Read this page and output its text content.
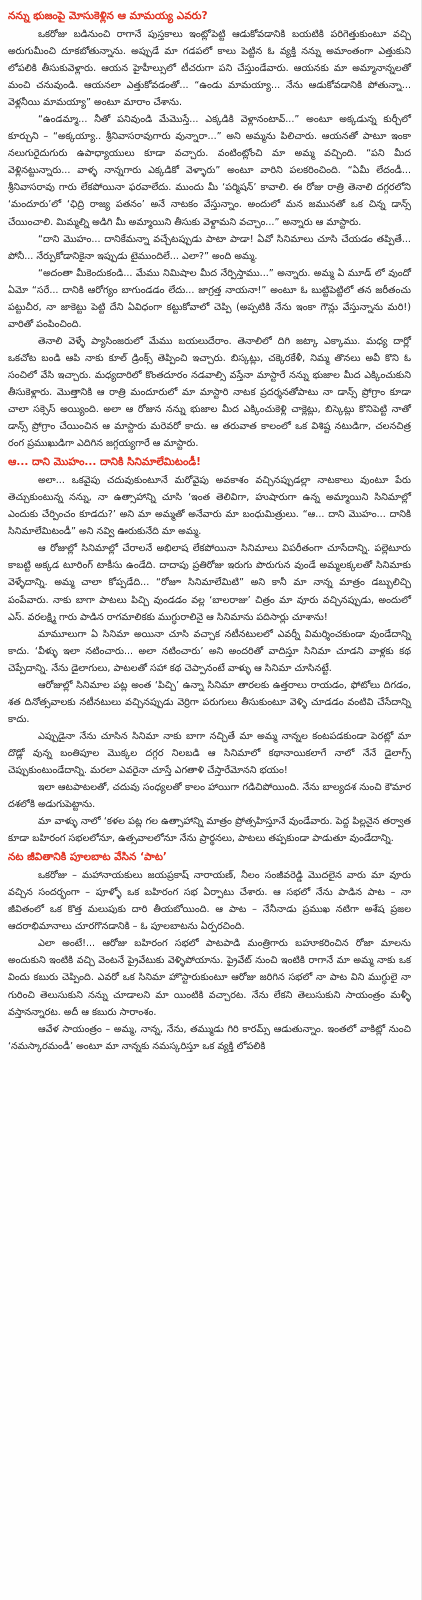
నన్ను భుజంపై మోసుకెళ్లిన ఆ మామయ్య ఎవరు?

ఒకరోజు బడినుంచి రాగానే పుస్తకాలు ఇంట్లోపెట్టి ఆడుకోవడానికి బయటికి పరిగెత్తుకుంటూ వచ్చి అరుగుమీంచి దూకబోతున్నాను. అప్పుడే మా గడపలో కాలు పెట్టిన ఓ వ్యక్తి నన్ను అమాంతంగా ఎత్తుకుని లోపలికి తీసుకువెళ్లారు. ఆయన హైహీల్సులో టీచరుగా పని చేస్తుండేవారు. ఆయనకు మా అమ్మానాన్నలతో మంచి చనువుండి. ఆయనలా ఎత్తుకోవడంతో... “ఉండు మామయ్యా... నేను ఆడుకోవడానికి పోతున్నా... వెళ్లనీయి మామయ్యా” అంటూ మారాం చేశాను.

“ఉండమ్మా... నీతో పనివుండి మేమొస్తే... ఎక్కడికి వెళ్లానంటావ్...” అంటూ అక్కడున్న కుర్చీలో కూర్చుని – “అక్కయ్యా.. శ్రీనివాసరావుగారు వున్నారా...” అని అమ్మను పిలిచారు. ఆయనతో పాటూ ఇంకా నలుగురైదుగురు ఉపాధ్యాయులు కూడా వచ్చారు. వంటింట్లోంచి మా అమ్మ వచ్చింది. “పని మీద వెళ్లినట్టున్నారు... వాళ్ళ నాన్నగారు ఎక్కడికో వెళ్ళారు” అంటూ వారిని పలకరించింది. “ఏమీ లేదండీ... శ్రీనివాసరావు గారు లేకపోయినా ఫరవాలేదు. ముందు మీ ‘పర్మిషన్’ కావాలి. ఈ రోజు రాత్రి తెనాలి దగ్గరలోని ‘మందూరు’లో ‘ఛిద్రి రాజ్య పతనం’ అనే నాటకం వేస్తున్నాం. అందులో మన జమునతో ఒక చిన్న డాన్స్ చేయించాలి. మిమ్మల్ని అడిగి మీ అమ్మాయిని తీసుకు వెళ్దామని వచ్చాం...” అన్నారు ఆ మాస్టారు.

“దాని మొహం... దానికేమన్నా వచ్చేటప్పుడు పాటా పాడా! ఏవో సినిమాలు చూసి చేయడం తప్పితే... పోనీ... నేర్పుకోడానికైనా ఇప్పుడు టైముందిలే... ఎలా?” అంది అమ్మ.

“అదంతా మీకెందుకండి... మేము నిమిషాల మీద నేర్పిస్తాము...” అన్నారు. అమ్మ ఏ మూడ్ లో వుందో ఏమో “సరే... దానికి ఆరోగ్యం బాగుండడం లేదు... జాగ్రత్త నాయనా!” అంటూ ఓ బుట్టిపెట్టిలో తన జరీతంచు పట్టుచీర, నా జాకెట్టు పెట్టి దేని ఏవిధంగా కట్టుకోవాలో చెప్పి (అప్పటికి నేను ఇంకా గౌన్లు వేస్తున్నాను మరి!) వారితో పంపించింది.

తెనాలి వెళ్ళే ప్యాసింజరులో మేము బయలుదేరాం. తెనాలిలో దిగి జట్కా ఎక్కాము. మధ్య దార్లో ఒకచోట బండి ఆపి నాకు కూల్ డ్రింక్స్ తెప్పించి ఇచ్చారు. బిస్కట్లు, చక్కెరకేళీ, నిమ్మ తొనలు అవీ కొని ఓ సంచిలో వేసి ఇచ్చారు. మధ్యదారిలో కొంతదూరం నడవాల్సి వస్తేనా మాస్టారే నన్ను భుజాల మీద ఎక్కించుకుని తీసుకెళ్లారు. మొత్తానికి ఆ రాత్రి మందూరులో మా మాస్టారి నాటక ప్రదర్శనతోపాటు నా డాన్స్ ప్రోగ్రాం కూడా చాలా సక్సెస్ అయ్యింది. అలా ఆ రోజున నన్ను భుజాల మీద ఎక్కించుకెళ్లి చాక్లెట్లు, బిస్కెట్లు కొనిపెట్టి నాతో డాన్స్ ప్రోగ్రాం చేయించిన ఆ మాస్టారు మరెవరో కాదు. ఆ తరువాత కాలంలో ఒక విశిష్ట నటుడిగా, చలనచిత్ర రంగ ప్రముఖుడిగా ఎదిగిన జగ్గయ్యగారే ఆ మాస్టారు.

ఆ... దాని మొహం... దానికి సినిమాలేమిటండీ!

అలా... ఒకవైపు చదువుకుంటూనే మరోవైపు అవకాశం వచ్చినప్పుడల్లా నాటకాలు వుంటూ పేరు తెచ్చుకుంటున్న నన్ను, నా ఉత్సాహాన్ని చూసి ‘ఇంత తెలివిగా, హుషారుగా ఉన్న అమ్మాయిని సినిమాల్లో ఎందుకు చేర్పించం కూడదు?’ అని మా అమ్మతో అనేవారు మా బంధుమిత్రులు. “ఆ... దాని మొహం... దానికి సినిమాలేమిటండీ” అని నవ్వి ఊరుకునేది మా అమ్మ.

ఆ రోజుల్లో సినిమాల్లో చేరాలనే అభిలాష లేకపోయినా సినిమాలు విపరీతంగా చూసేదాన్ని. పల్లెటూరు కాబట్టి అక్కడ టూరింగ్ టాకీసు ఉండేది. దాదాపు ప్రతిరోజు ఇరుగు పొరుగున వుండే అమ్మలక్కలతో సినిమాకు వెళ్ళేదాన్ని. అమ్మ చాలా కోప్పడేది... “రోజూ సినిమాలేమిటి” అని కానీ మా నాన్న మాత్రం డబ్బులిచ్చి పంపేవారు. నాకు బాగా పాటలు పిచ్చి వుండడం వల్ల ‘బాలరాజు’ చిత్రం మా వూరు వచ్చినప్పుడు, అందులో ఎస్. వరలక్ష్మి గారు పాడిన రాగమాలికకు ముగ్ధురాలినై ఆ సినిమాను పదిసార్లు చూశాను!

మామూలుగా ఏ సినిమా అయినా చూసి వచ్చాక నటీనటులలో ఎవర్నీ విమర్శించకుండా వుండేదాన్ని కాదు. ‘వీళ్ళు ఇలా నటించారు... అలా నటించారు’ అని అందరితో వాదిస్తూ సినిమా చూడని వాళ్లకు కథ చెప్పేదాన్ని. నేను డైలాగులు, పాటలతో సహా కథ చెప్పానంటే వాళ్ళు ఆ సినిమా చూసినట్టే.

ఆరోజుల్లో సినిమాల పట్ల అంత ‘పిచ్చి’ ఉన్నా సినిమా తారలకు ఉత్తరాలు రాయడం, ఫోటోలు దిగడం, శత దినోత్సవాలకు నటీనటులు వచ్చినప్పుడు వెర్రిగా పరుగులు తీసుకుంటూ వెళ్ళి చూడడం వంటివి చేసేదాన్ని కాదు.

ఎప్పుడైనా నేను చూసిన సినిమా నాకు బాగా నచ్చితే మా అమ్మ నాన్నల కంటపడకుండా పెరట్లో మా దొడ్లో వున్న బంతిపూల మొక్కల దగ్గర నిలబడి ఆ సినిమాలో కథానాయికలాగే నాలో నేనే డైలాగ్స్ చెప్పుకుంటుండేదాన్ని. మరలా ఎవరైనా చూస్తే ఎగతాళి చేస్తారేమోనని భయం!

ఇలా ఆటపాటలతో, చదువు సంధ్యలతో కాలం హాయిగా గడిచిపోయింది. నేను బాల్యదశ నుంచి కౌమార దశలోకి అడుగుపెట్టాను.

మా వాళ్ళు నాలో ‘కళల పట్ల గల ఉత్సాహాన్ని మాత్రం ప్రోత్సహిస్తూనే వుండేవారు. పెద్ద పిల్లనైన తర్వాత కూడా బహిరంగ సభలలోనూ, ఉత్సవాలలోనూ నేను ప్రార్థనలు, పాటలు తప్పకుండా పాడుతూ వుండేదాన్ని.

నట జీవితానికి పూలబాట వేసిన ‘పాట’

ఒకరోజు – మహానాయకులు జయప్రకాష్ నారాయణ్, నీలం సంజీవరెడ్డి మొదలైన వారు మా వూరు వచ్చిన సందర్భంగా – పూళ్ళో ఒక బహిరంగ సభ ఏర్పాటు చేశారు. ఆ సభలో నేను పాడిన పాట – నా జీవితంలో ఒక కొత్త మలుపుకు దారి తీయబోయింది. ఆ పాట – నేనీనాడు ప్రముఖ నటిగా అశేష ప్రజల ఆదరాభిమానాలు చూరగొనడానికి – ఓ పూలబాటను ఏర్పరచింది.

ఎలా అంటే!... ఆరోజు బహిరంగ సభలో పాటపాడి మంత్రిగారు బహూకరించిన రోజా మాలను అందుకుని ఇంటికి వచ్చి వెంటనే ప్రైవేటుకు వెళ్ళిపోయాను. ప్రైవేట్ నుంచి ఇంటికి రాగానే మా అమ్మ నాకు ఒక విందు కబురు చెప్పింది. ఎవరో ఒక సినిమా హొస్టారుకుంటూ ఆరోజు జరిగిన సభలో నా పాట విని ముగ్ధులై నా గురించి తెలుసుకుని నన్ను చూడాలని మా యింటికి వచ్చారట. నేను లేకని తెలుసుకుని సాయంత్రం మళ్ళీ వస్తానన్నారట. అదీ ఆ కబురు సారాంశం.

ఆవేళ సాయంత్రం – అమ్మ, నాన్న, నేను, తమ్ముడు గిరి కారమ్స్ ఆడుతున్నాం. ఇంతలో వాకిట్లో నుంచి ‘నమస్కారమండీ’ అంటూ మా నాన్నకు నమస్కరిస్తూ ఒక వ్యక్తి లోపలికి
